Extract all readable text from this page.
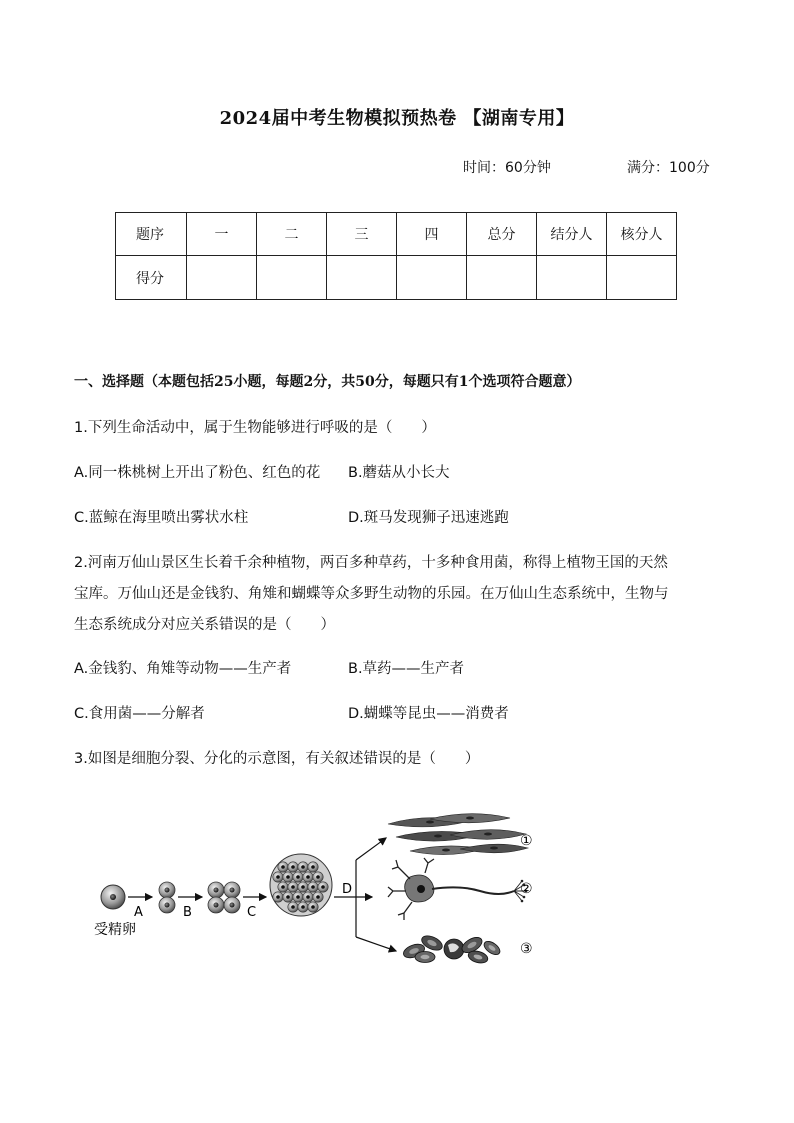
2024届中考生物模拟预热卷 【湖南专用】
时间：60分钟	满分：100分
题序	一	二	三	四	总分	结分人	核分人
得分							
一、选择题（本题包括25小题，每题2分，共50分，每题只有1个选项符合题意）
1.下列生命活动中，属于生物能够进行呼吸的是（　　）
A.同一株桃树上开出了粉色、红色的花 B.蘑菇从小长大
C.蓝鲸在海里喷出雾状水柱	D.斑马发现狮子迅速逃跑
2.河南万仙山景区生长着千余种植物，两百多种草药，十多种食用菌，称得上植物王国的天然
宝库。万仙山还是金钱豹、角雉和蝴蝶等众多野生动物的乐园。在万仙山生态系统中，生物与
生态系统成分对应关系错误的是（　　）
A.金钱豹、角雉等动物——生产者	B.草药——生产者
C.食用菌——分解者	D.蝴蝶等昆虫——消费者
3.如图是细胞分裂、分化的示意图，有关叙述错误的是（　　）
受精卵
A	B	C
D
①
②
③
